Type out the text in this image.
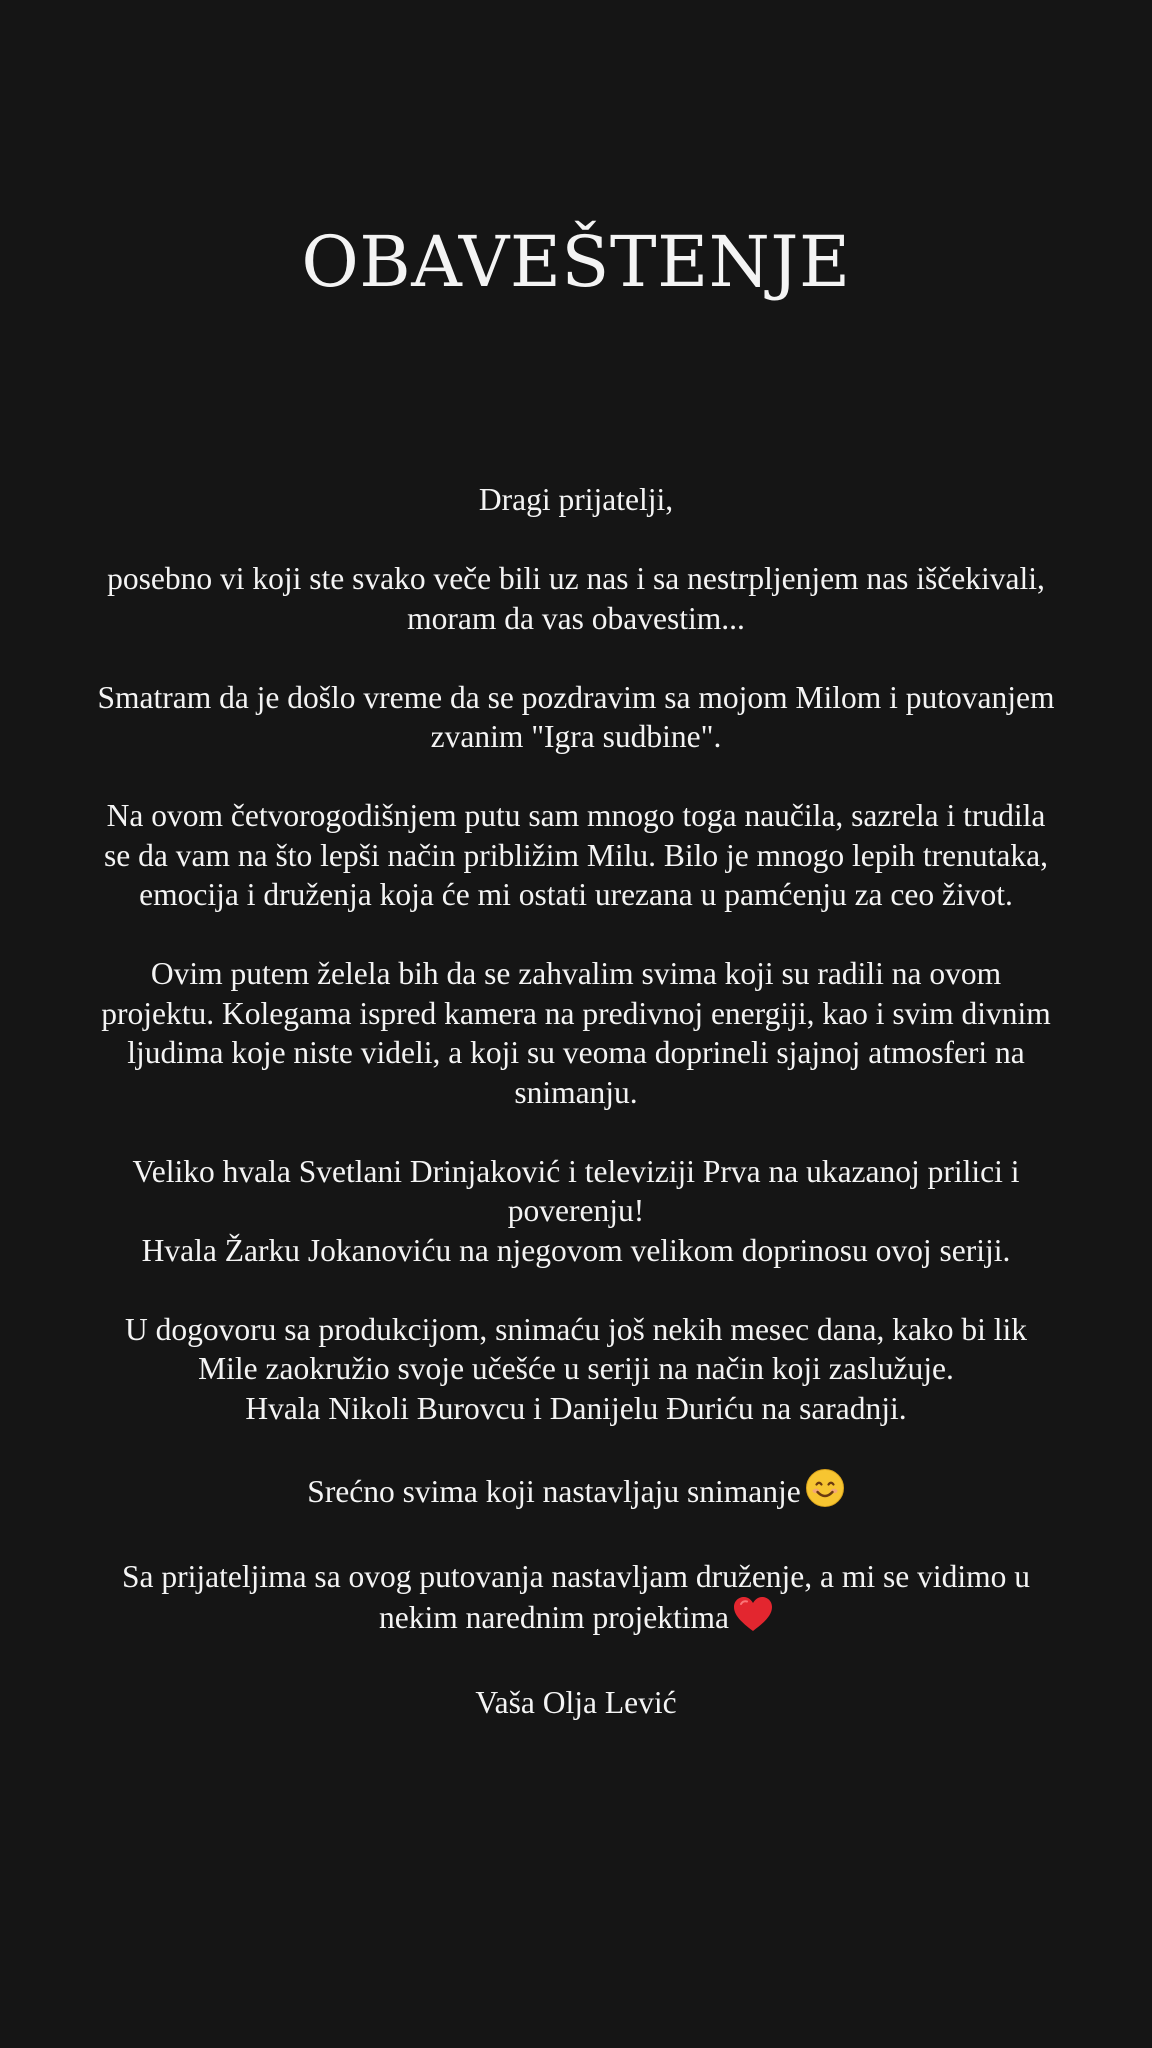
OBAVEŠTENJE

Dragi prijatelji,

posebno vi koji ste svako veče bili uz nas i sa nestrpljenjem nas iščekivali,
moram da vas obavestim...

Smatram da je došlo vreme da se pozdravim sa mojom Milom i putovanjem
zvanim "Igra sudbine".

Na ovom četvorogodišnjem putu sam mnogo toga naučila, sazrela i trudila
se da vam na što lepši način približim Milu. Bilo je mnogo lepih trenutaka,
emocija i druženja koja će mi ostati urezana u pamćenju za ceo život.

Ovim putem želela bih da se zahvalim svima koji su radili na ovom
projektu. Kolegama ispred kamera na predivnoj energiji, kao i svim divnim
ljudima koje niste videli, a koji su veoma doprineli sjajnoj atmosferi na
snimanju.

Veliko hvala Svetlani Drinjaković i televiziji Prva na ukazanoj prilici i
poverenju!
Hvala Žarku Jokanoviću na njegovom velikom doprinosu ovoj seriji.

U dogovoru sa produkcijom, snimaću još nekih mesec dana, kako bi lik
Mile zaokružio svoje učešće u seriji na način koji zaslužuje.
Hvala Nikoli Burovcu i Danijelu Đuriću na saradnji.

Srećno svima koji nastavljaju snimanje

Sa prijateljima sa ovog putovanja nastavljam druženje, a mi se vidimo u
nekim narednim projektima

Vaša Olja Lević
